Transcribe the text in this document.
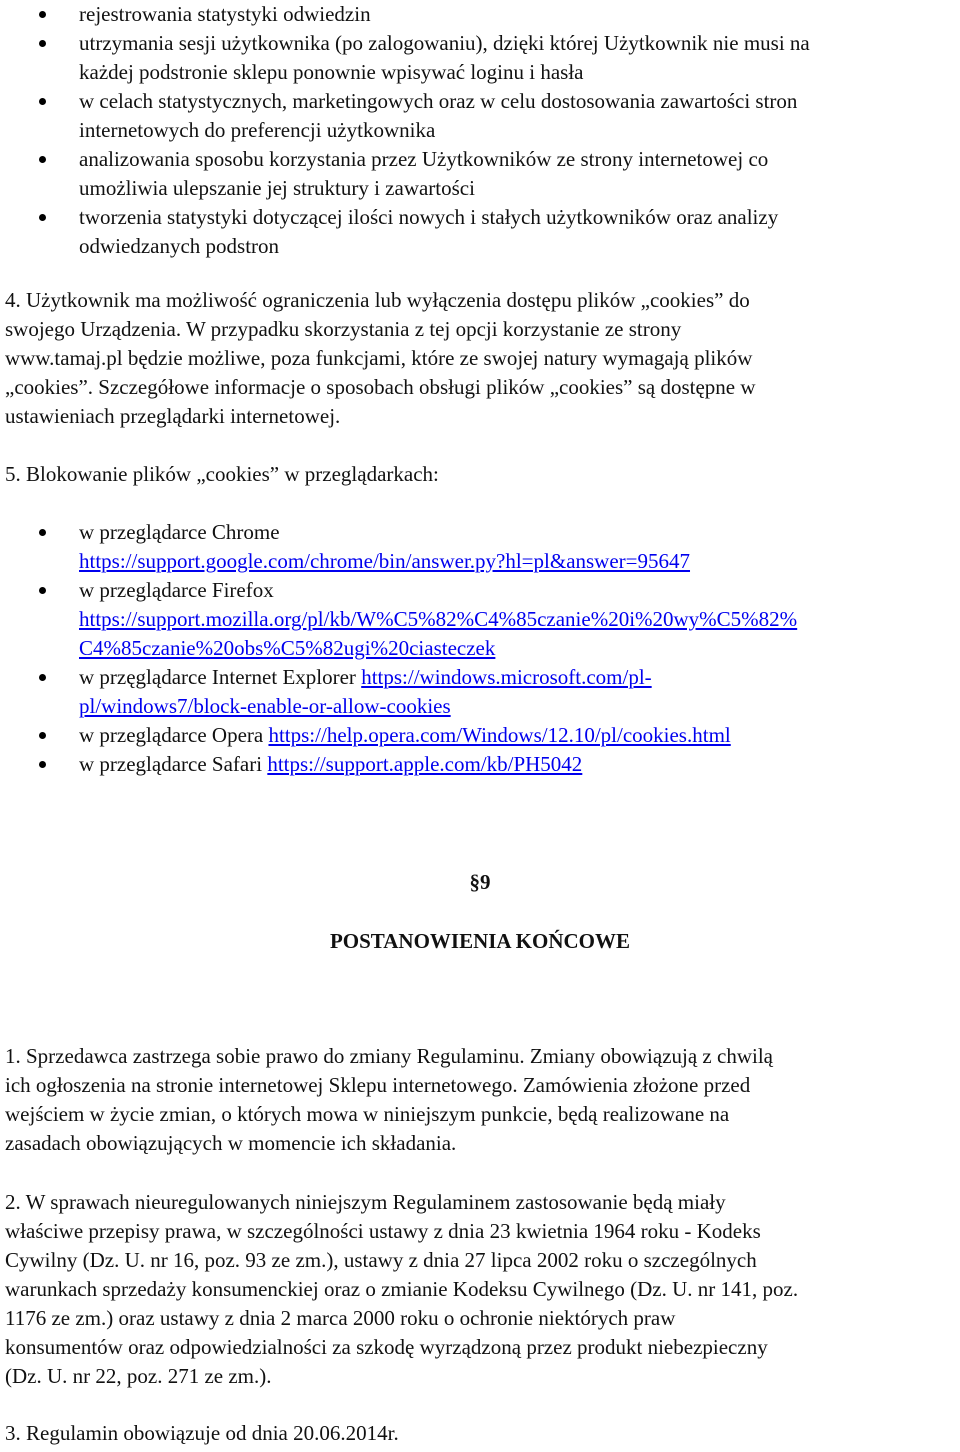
rejestrowania statystyki odwiedzin
utrzymania sesji użytkownika (po zalogowaniu), dzięki której Użytkownik nie musi na
każdej podstronie sklepu ponownie wpisywać loginu i hasła
w celach statystycznych, marketingowych oraz w celu dostosowania zawartości stron
internetowych do preferencji użytkownika
analizowania sposobu korzystania przez Użytkowników ze strony internetowej co
umożliwia ulepszanie jej struktury i zawartości
tworzenia statystyki dotyczącej ilości nowych i stałych użytkowników oraz analizy
odwiedzanych podstron
4. Użytkownik ma możliwość ograniczenia lub wyłączenia dostępu plików „cookies” do
swojego Urządzenia. W przypadku skorzystania z tej opcji korzystanie ze strony
www.tamaj.pl będzie możliwe, poza funkcjami, które ze swojej natury wymagają plików
„cookies”. Szczegółowe informacje o sposobach obsługi plików „cookies” są dostępne w
ustawieniach przeglądarki internetowej.
5. Blokowanie plików „cookies” w przeglądarkach:
w przeglądarce Chrome
https://support.google.com/chrome/bin/answer.py?hl=pl&answer=95647
w przeglądarce Firefox
https://support.mozilla.org/pl/kb/W%C5%82%C4%85czanie%20i%20wy%C5%82%
C4%85czanie%20obs%C5%82ugi%20ciasteczek
w przęglądarce Internet Explorer https://windows.microsoft.com/pl-
pl/windows7/block-enable-or-allow-cookies
w przeglądarce Opera https://help.opera.com/Windows/12.10/pl/cookies.html
w przeglądarce Safari https://support.apple.com/kb/PH5042
§9
POSTANOWIENIA KOŃCOWE
1. Sprzedawca zastrzega sobie prawo do zmiany Regulaminu. Zmiany obowiązują z chwilą
ich ogłoszenia na stronie internetowej Sklepu internetowego. Zamówienia złożone przed
wejściem w życie zmian, o których mowa w niniejszym punkcie, będą realizowane na
zasadach obowiązujących w momencie ich składania.
2. W sprawach nieuregulowanych niniejszym Regulaminem zastosowanie będą miały
właściwe przepisy prawa, w szczególności ustawy z dnia 23 kwietnia 1964 roku - Kodeks
Cywilny (Dz. U. nr 16, poz. 93 ze zm.), ustawy z dnia 27 lipca 2002 roku o szczególnych
warunkach sprzedaży konsumenckiej oraz o zmianie Kodeksu Cywilnego (Dz. U. nr 141, poz.
1176 ze zm.) oraz ustawy z dnia 2 marca 2000 roku o ochronie niektórych praw
konsumentów oraz odpowiedzialności za szkodę wyrządzoną przez produkt niebezpieczny
(Dz. U. nr 22, poz. 271 ze zm.).
3. Regulamin obowiązuje od dnia 20.06.2014r.
